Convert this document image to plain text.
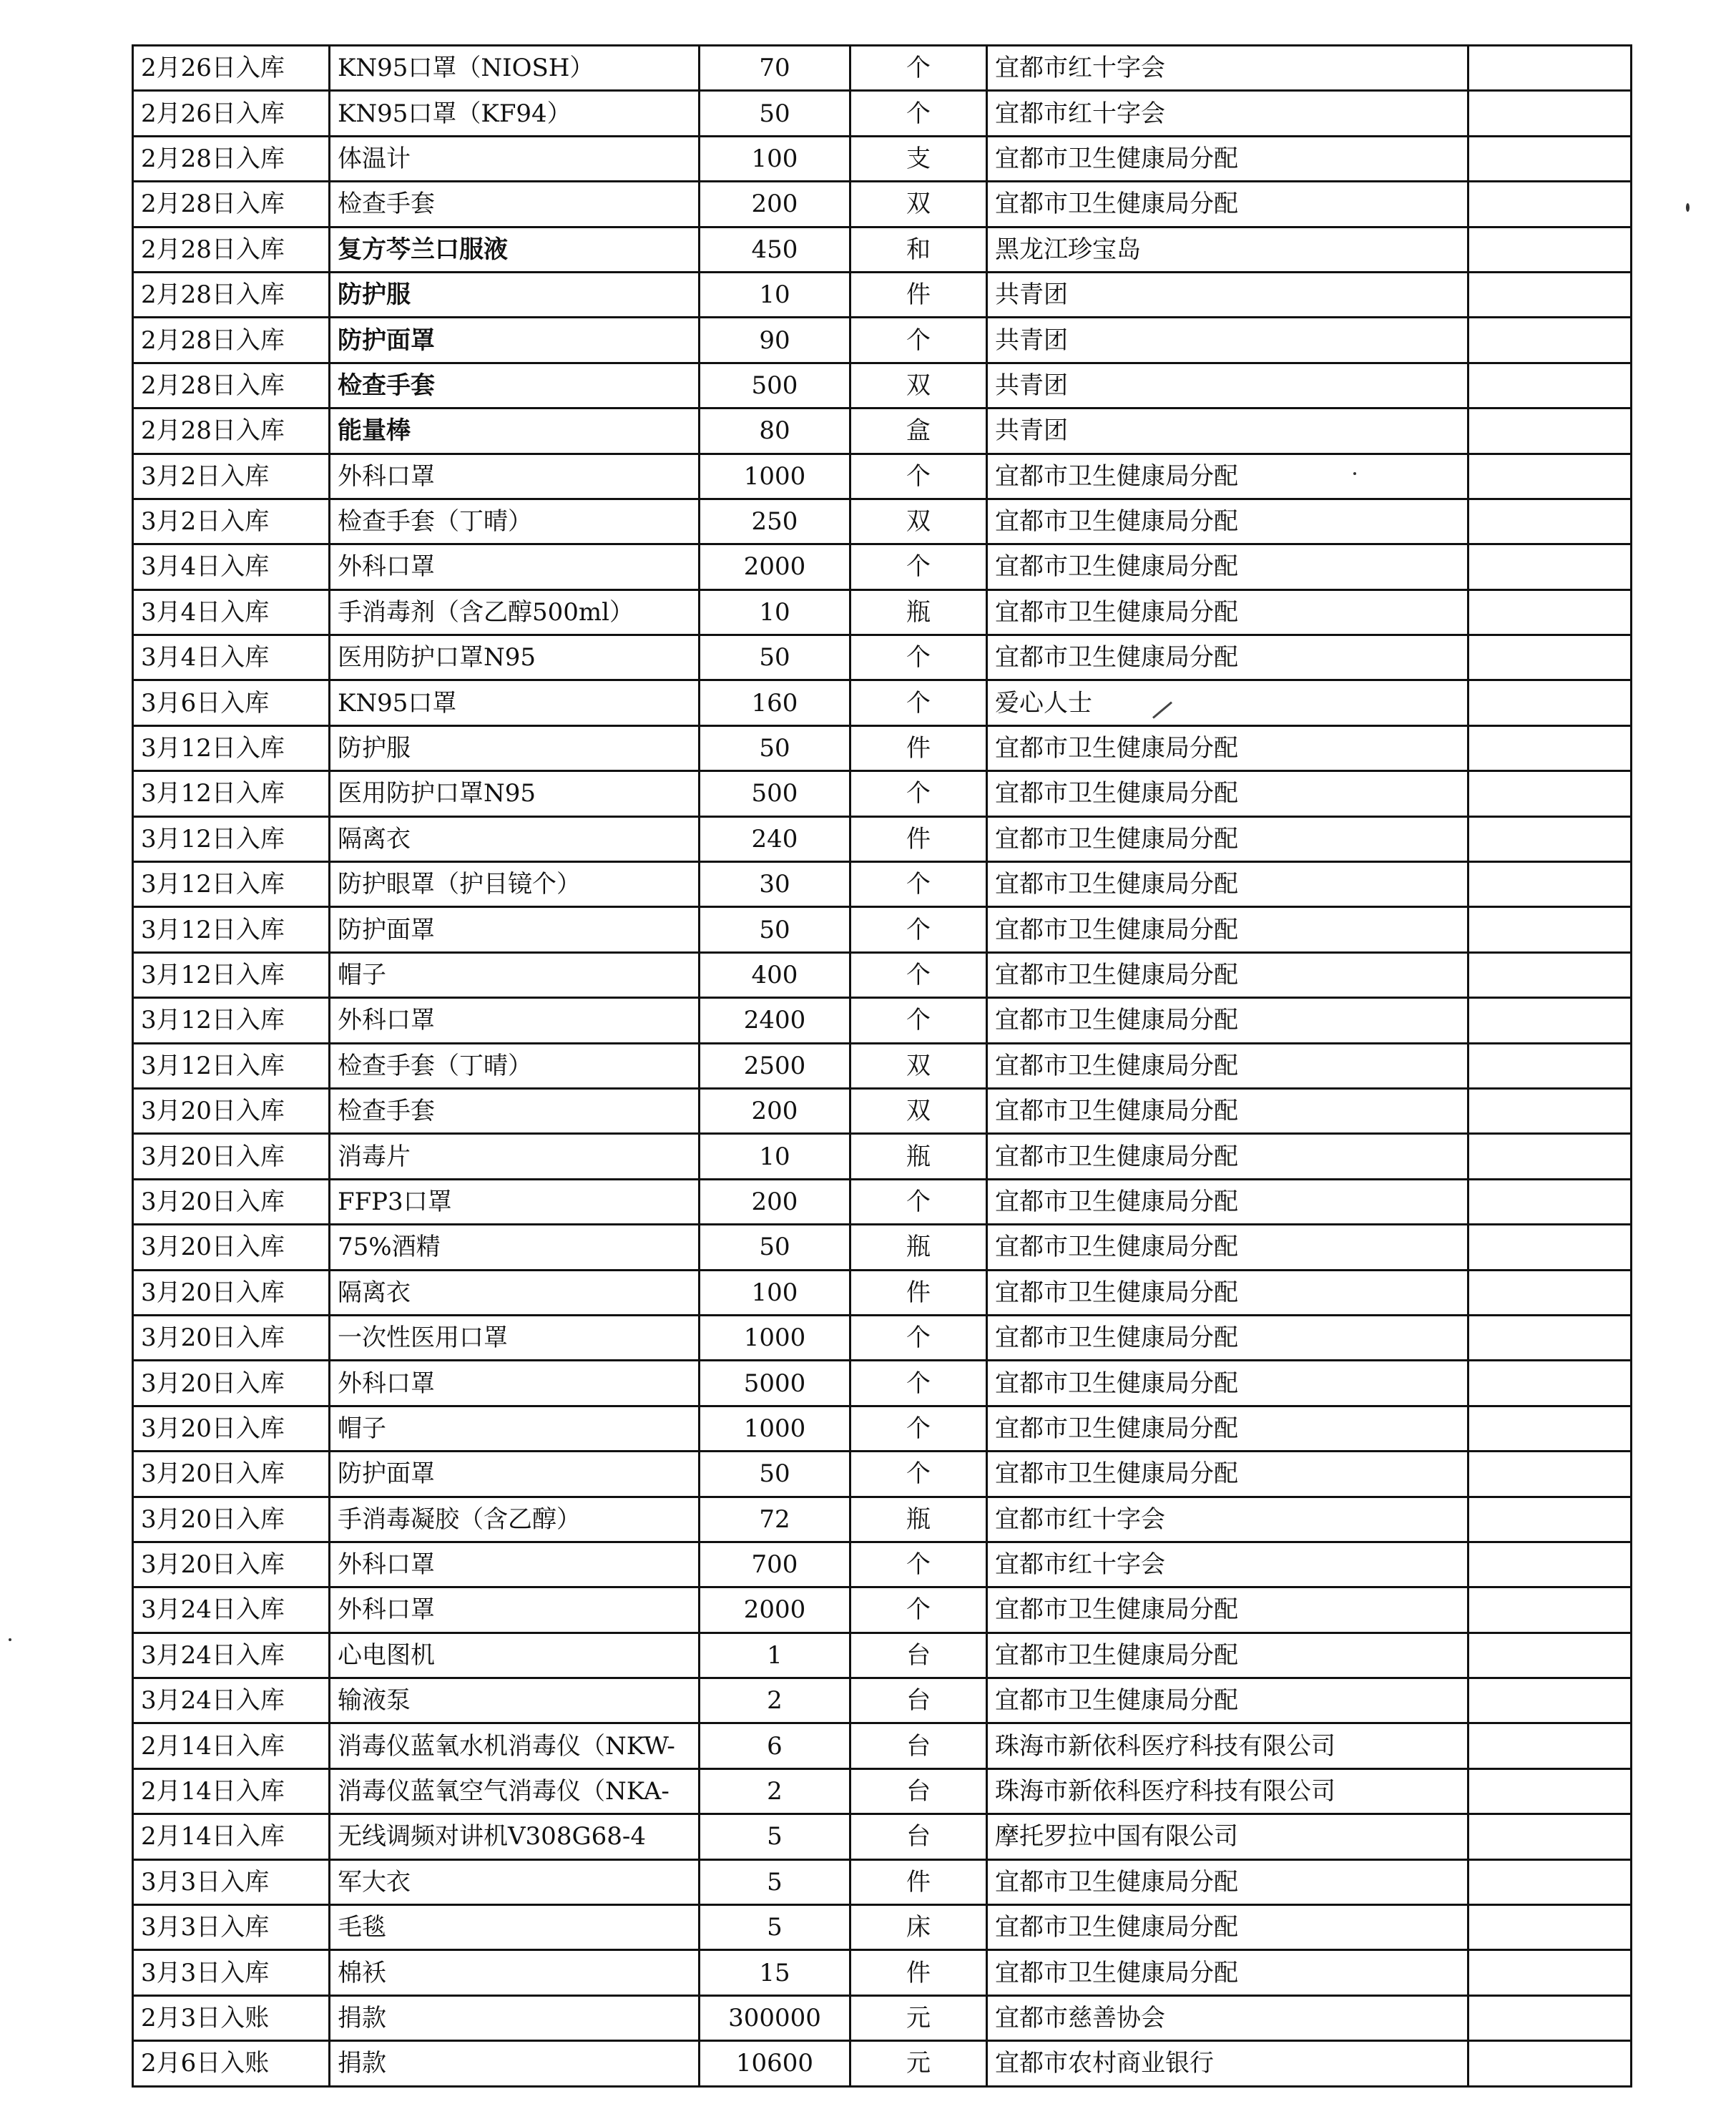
2月26日入库	KN95口罩（NIOSH）	70	个	宜都市红十字会	
2月26日入库	KN95口罩（KF94）	50	个	宜都市红十字会	
2月28日入库	体温计	100	支	宜都市卫生健康局分配	
2月28日入库	检查手套	200	双	宜都市卫生健康局分配	
2月28日入库	复方芩兰口服液	450	和	黑龙江珍宝岛	
2月28日入库	防护服	10	件	共青团	
2月28日入库	防护面罩	90	个	共青团	
2月28日入库	检查手套	500	双	共青团	
2月28日入库	能量棒	80	盒	共青团	
3月2日入库	外科口罩	1000	个	宜都市卫生健康局分配	
3月2日入库	检查手套（丁晴）	250	双	宜都市卫生健康局分配	
3月4日入库	外科口罩	2000	个	宜都市卫生健康局分配	
3月4日入库	手消毒剂（含乙醇500ml）	10	瓶	宜都市卫生健康局分配	
3月4日入库	医用防护口罩N95	50	个	宜都市卫生健康局分配	
3月6日入库	KN95口罩	160	个	爱心人士	
3月12日入库	防护服	50	件	宜都市卫生健康局分配	
3月12日入库	医用防护口罩N95	500	个	宜都市卫生健康局分配	
3月12日入库	隔离衣	240	件	宜都市卫生健康局分配	
3月12日入库	防护眼罩（护目镜个）	30	个	宜都市卫生健康局分配	
3月12日入库	防护面罩	50	个	宜都市卫生健康局分配	
3月12日入库	帽子	400	个	宜都市卫生健康局分配	
3月12日入库	外科口罩	2400	个	宜都市卫生健康局分配	
3月12日入库	检查手套（丁晴）	2500	双	宜都市卫生健康局分配	
3月20日入库	检查手套	200	双	宜都市卫生健康局分配	
3月20日入库	消毒片	10	瓶	宜都市卫生健康局分配	
3月20日入库	FFP3口罩	200	个	宜都市卫生健康局分配	
3月20日入库	75%酒精	50	瓶	宜都市卫生健康局分配	
3月20日入库	隔离衣	100	件	宜都市卫生健康局分配	
3月20日入库	一次性医用口罩	1000	个	宜都市卫生健康局分配	
3月20日入库	外科口罩	5000	个	宜都市卫生健康局分配	
3月20日入库	帽子	1000	个	宜都市卫生健康局分配	
3月20日入库	防护面罩	50	个	宜都市卫生健康局分配	
3月20日入库	手消毒凝胶（含乙醇）	72	瓶	宜都市红十字会	
3月20日入库	外科口罩	700	个	宜都市红十字会	
3月24日入库	外科口罩	2000	个	宜都市卫生健康局分配	
3月24日入库	心电图机	1	台	宜都市卫生健康局分配	
3月24日入库	输液泵	2	台	宜都市卫生健康局分配	
2月14日入库	消毒仪蓝氧水机消毒仪（NKW-	6	台	珠海市新依科医疗科技有限公司	
2月14日入库	消毒仪蓝氧空气消毒仪（NKA-	2	台	珠海市新依科医疗科技有限公司	
2月14日入库	无线调频对讲机V308G68-4	5	台	摩托罗拉中国有限公司	
3月3日入库	军大衣	5	件	宜都市卫生健康局分配	
3月3日入库	毛毯	5	床	宜都市卫生健康局分配	
3月3日入库	棉袄	15	件	宜都市卫生健康局分配	
2月3日入账	捐款	300000	元	宜都市慈善协会	
2月6日入账	捐款	10600	元	宜都市农村商业银行	
